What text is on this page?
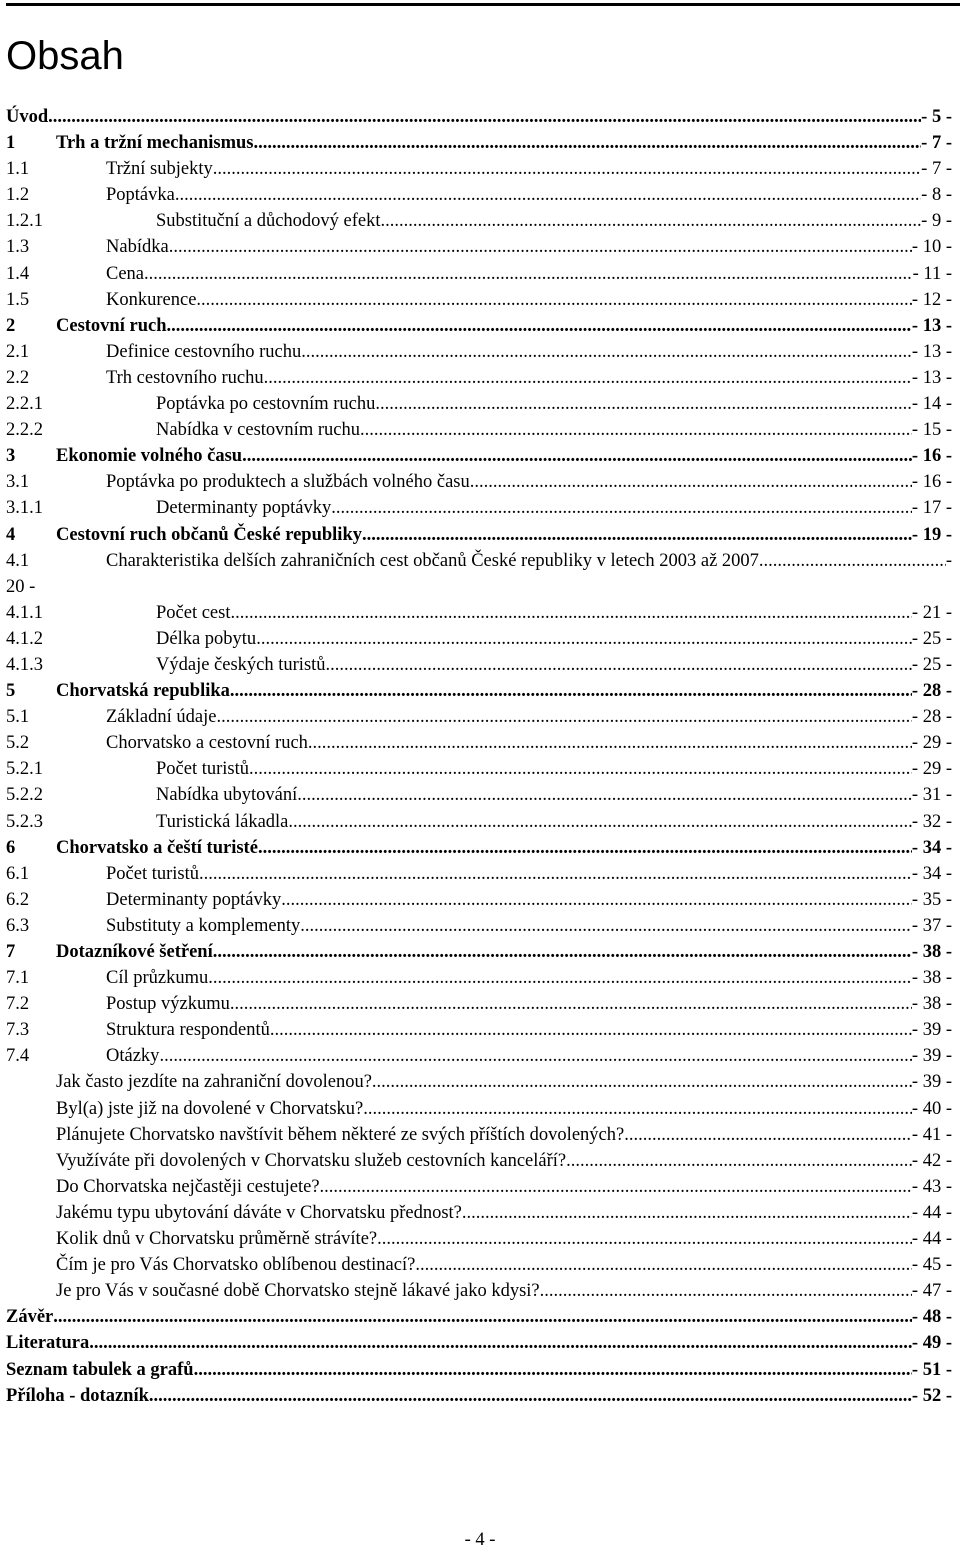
Obsah
Úvod .....	- 5 -
1	Trh a tržní mechanismus .....	- 7 -
1.1	Tržní subjekty .....	- 7 -
1.2	Poptávka .....	- 8 -
1.2.1	Substituční a důchodový efekt .....	- 9 -
1.3	Nabídka .....	- 10 -
1.4	Cena .....	- 11 -
1.5	Konkurence .....	- 12 -
2	Cestovní ruch .....	- 13 -
2.1	Definice cestovního ruchu .....	- 13 -
2.2	Trh cestovního ruchu .....	- 13 -
2.2.1	Poptávka po cestovním ruchu .....	- 14 -
2.2.2	Nabídka v cestovním ruchu .....	- 15 -
3	Ekonomie volného času .....	- 16 -
3.1	Poptávka po produktech a službách volného času .....	- 16 -
3.1.1	Determinanty poptávky .....	- 17 -
4	Cestovní ruch občanů České republiky .....	- 19 -
4.1	Charakteristika delších zahraničních cest občanů České republiky v letech 2003 až 2007 .....	-
20 -
4.1.1	Počet cest .....	- 21 -
4.1.2	Délka pobytu .....	- 25 -
4.1.3	Výdaje českých turistů .....	- 25 -
5	Chorvatská republika .....	- 28 -
5.1	Základní údaje .....	- 28 -
5.2	Chorvatsko a cestovní ruch .....	- 29 -
5.2.1	Počet turistů .....	- 29 -
5.2.2	Nabídka ubytování .....	- 31 -
5.2.3	Turistická lákadla .....	- 32 -
6	Chorvatsko a čeští turisté .....	- 34 -
6.1	Počet turistů .....	- 34 -
6.2	Determinanty poptávky .....	- 35 -
6.3	Substituty a komplementy .....	- 37 -
7	Dotazníkové šetření .....	- 38 -
7.1	Cíl průzkumu .....	- 38 -
7.2	Postup výzkumu .....	- 38 -
7.3	Struktura respondentů .....	- 39 -
7.4	Otázky .....	- 39 -
Jak často jezdíte na zahraniční dovolenou? .....	- 39 -
Byl(a) jste již na dovolené v Chorvatsku? .....	- 40 -
Plánujete Chorvatsko navštívit během některé ze svých příštích dovolených? .....	- 41 -
Využíváte při dovolených v Chorvatsku služeb cestovních kanceláří? .....	- 42 -
Do Chorvatska nejčastěji cestujete? .....	- 43 -
Jakému typu ubytování dáváte v Chorvatsku přednost? .....	- 44 -
Kolik dnů v Chorvatsku průměrně strávíte? .....	- 44 -
Čím je pro Vás Chorvatsko oblíbenou destinací? .....	- 45 -
Je pro Vás v současné době Chorvatsko stejně lákavé jako kdysi? .....	- 47 -
Závěr .....	- 48 -
Literatura .....	- 49 -
Seznam tabulek a grafů .....	- 51 -
Příloha - dotazník .....	- 52 -
- 4 -
